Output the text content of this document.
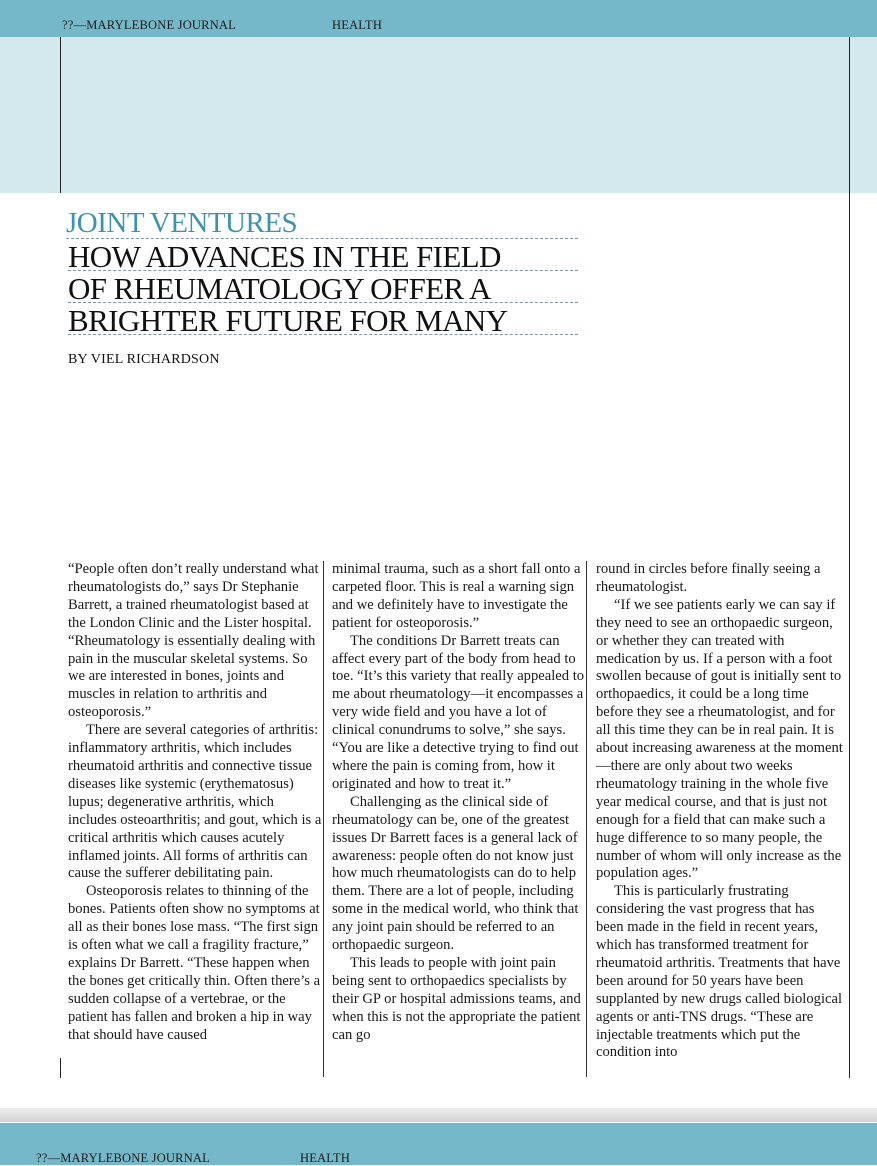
??—MARYLEBONE JOURNAL	HEALTH
JOINT VENTURES
HOW ADVANCES IN THE FIELD
OF RHEUMATOLOGY OFFER A
BRIGHTER FUTURE FOR MANY
BY VIEL RICHARDSON

“People often don’t really understand what rheumatologists do,” says Dr Stephanie Barrett, a trained rheumatologist based at the London Clinic and the Lister hospital. “Rheumatology is essentially dealing with pain in the muscular skeletal systems. So we are interested in bones, joints and muscles in relation to arthritis and osteoporosis.”

There are several categories of arthritis: inflammatory arthritis, which includes rheumatoid arthritis and connective tissue diseases like systemic (erythematosus) lupus; degenerative arthritis, which includes osteoarthritis; and gout, which is a critical arthritis which causes acutely inflamed joints. All forms of arthritis can cause the sufferer debilitating pain.

Osteoporosis relates to thinning of the bones. Patients often show no symptoms at all as their bones lose mass. “The first sign is often what we call a fragility fracture,” explains Dr Barrett. “These happen when the bones get critically thin. Often there’s a sudden collapse of a vertebrae, or the patient has fallen and broken a hip in way that should have caused

minimal trauma, such as a short fall onto a carpeted floor. This is real a warning sign and we definitely have to investigate the patient for osteoporosis.”

The conditions Dr Barrett treats can affect every part of the body from head to toe. “It’s this variety that really appealed to me about rheumatology—it encompasses a very wide field and you have a lot of clinical conundrums to solve,” she says. “You are like a detective trying to find out where the pain is coming from, how it originated and how to treat it.”

Challenging as the clinical side of rheumatology can be, one of the greatest issues Dr Barrett faces is a general lack of awareness: people often do not know just how much rheumatologists can do to help them. There are a lot of people, including some in the medical world, who think that any joint pain should be referred to an orthopaedic surgeon.

This leads to people with joint pain being sent to orthopaedics specialists by their GP or hospital admissions teams, and when this is not the appropriate the patient can go

round in circles before finally seeing a rheumatologist.

“If we see patients early we can say if they need to see an orthopaedic surgeon, or whether they can treated with medication by us. If a person with a foot swollen because of gout is initially sent to orthopaedics, it could be a long time before they see a rheumatologist, and for all this time they can be in real pain. It is about increasing awareness at the moment—there are only about two weeks rheumatology training in the whole five year medical course, and that is just not enough for a field that can make such a huge difference to so many people, the number of whom will only increase as the population ages.”

This is particularly frustrating considering the vast progress that has been made in the field in recent years, which has transformed treatment for rheumatoid arthritis. Treatments that have been around for 50 years have been supplanted by new drugs called biological agents or anti-TNS drugs. “These are injectable treatments which put the condition into

??—MARYLEBONE JOURNAL	HEALTH
